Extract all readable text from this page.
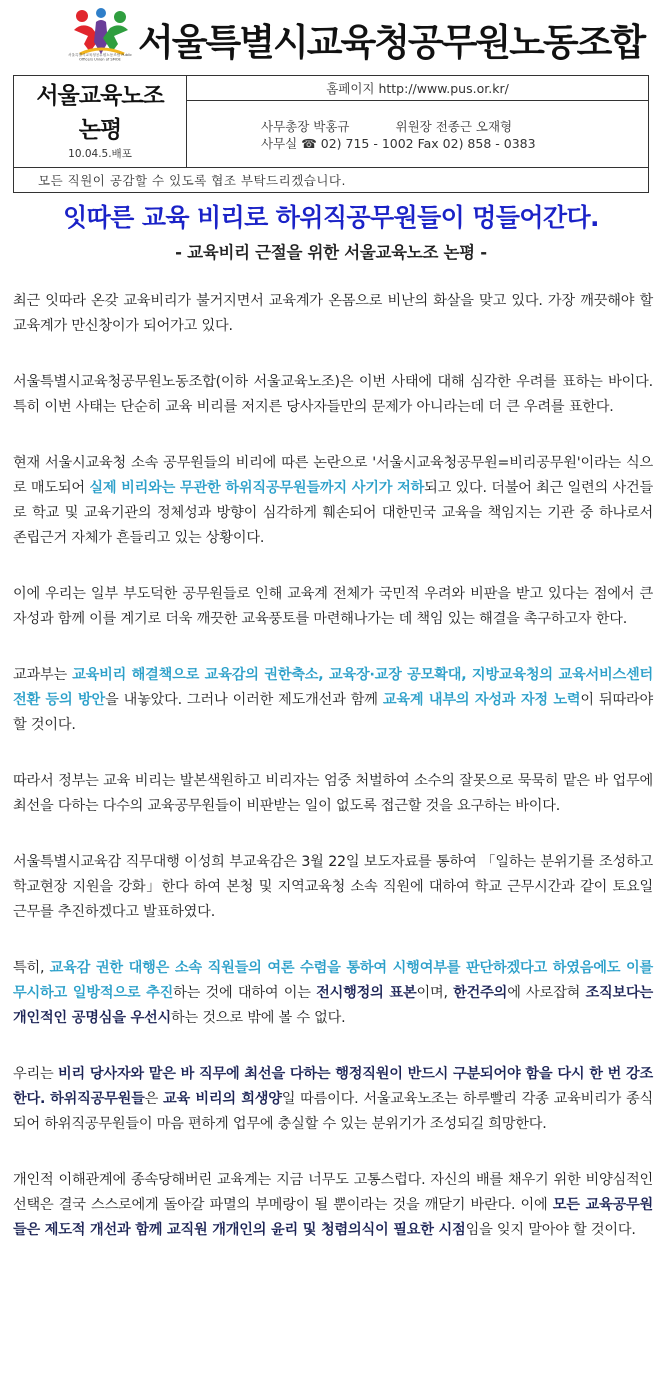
서울특별시교육청공무원노동조합 Public Officers Union of SMOE 서울특별시교육청공무원노동조합
서울교육노조
논평
10.04.5.배포
홈페이지 http://www.pus.or.kr/
사무총장 박홍규	위원장 전종근 오재형
사무실 ☎ 02) 715 - 1002 Fax 02) 858 - 0383
모든 직원이 공감할 수 있도록 협조 부탁드리겠습니다.
잇따른 교육 비리로 하위직공무원들이 멍들어간다.
- 교육비리 근절을 위한 서울교육노조 논평 -

최근 잇따라 온갖 교육비리가 불거지면서 교육계가 온몸으로 비난의 화살을 맞고 있다. 가장 깨끗해야 할 교육계가 만신창이가 되어가고 있다.

서울특별시교육청공무원노동조합(이하 서울교육노조)은 이번 사태에 대해 심각한 우려를 표하는 바이다. 특히 이번 사태는 단순히 교육 비리를 저지른 당사자들만의 문제가 아니라는데 더 큰 우려를 표한다.

현재 서울시교육청 소속 공무원들의 비리에 따른 논란으로 '서울시교육청공무원=비리공무원'이라는 식으로 매도되어 실제 비리와는 무관한 하위직공무원들까지 사기가 저하되고 있다. 더불어 최근 일련의 사건들로 학교 및 교육기관의 정체성과 방향이 심각하게 훼손되어 대한민국 교육을 책임지는 기관 중 하나로서 존립근거 자체가 흔들리고 있는 상황이다.

이에 우리는 일부 부도덕한 공무원들로 인해 교육계 전체가 국민적 우려와 비판을 받고 있다는 점에서 큰 자성과 함께 이를 계기로 더욱 깨끗한 교육풍토를 마련해나가는 데 책임 있는 해결을 촉구하고자 한다.

교과부는 교육비리 해결책으로 교육감의 권한축소, 교육장·교장 공모확대, 지방교육청의 교육서비스센터 전환 등의 방안을 내놓았다. 그러나 이러한 제도개선과 함께 교육계 내부의 자성과 자정 노력이 뒤따라야 할 것이다.

따라서 정부는 교육 비리는 발본색원하고 비리자는 엄중 처벌하여 소수의 잘못으로 묵묵히 맡은 바 업무에 최선을 다하는 다수의 교육공무원들이 비판받는 일이 없도록 접근할 것을 요구하는 바이다.

서울특별시교육감 직무대행 이성희 부교육감은 3월 22일 보도자료를 통하여 「일하는 분위기를 조성하고 학교현장 지원을 강화」한다 하여 본청 및 지역교육청 소속 직원에 대하여 학교 근무시간과 같이 토요일 근무를 추진하겠다고 발표하였다.

특히, 교육감 권한 대행은 소속 직원들의 여론 수렴을 통하여 시행여부를 판단하겠다고 하였음에도 이를 무시하고 일방적으로 추진하는 것에 대하여 이는 전시행정의 표본이며, 한건주의에 사로잡혀 조직보다는 개인적인 공명심을 우선시하는 것으로 밖에 볼 수 없다.

우리는 비리 당사자와 맡은 바 직무에 최선을 다하는 행정직원이 반드시 구분되어야 함을 다시 한 번 강조한다. 하위직공무원들은 교육 비리의 희생양일 따름이다. 서울교육노조는 하루빨리 각종 교육비리가 종식되어 하위직공무원들이 마음 편하게 업무에 충실할 수 있는 분위기가 조성되길 희망한다.

개인적 이해관계에 종속당해버린 교육계는 지금 너무도 고통스럽다. 자신의 배를 채우기 위한 비양심적인 선택은 결국 스스로에게 돌아갈 파멸의 부메랑이 될 뿐이라는 것을 깨닫기 바란다. 이에 모든 교육공무원들은 제도적 개선과 함께 교직원 개개인의 윤리 및 청렴의식이 필요한 시점임을 잊지 말아야 할 것이다.
